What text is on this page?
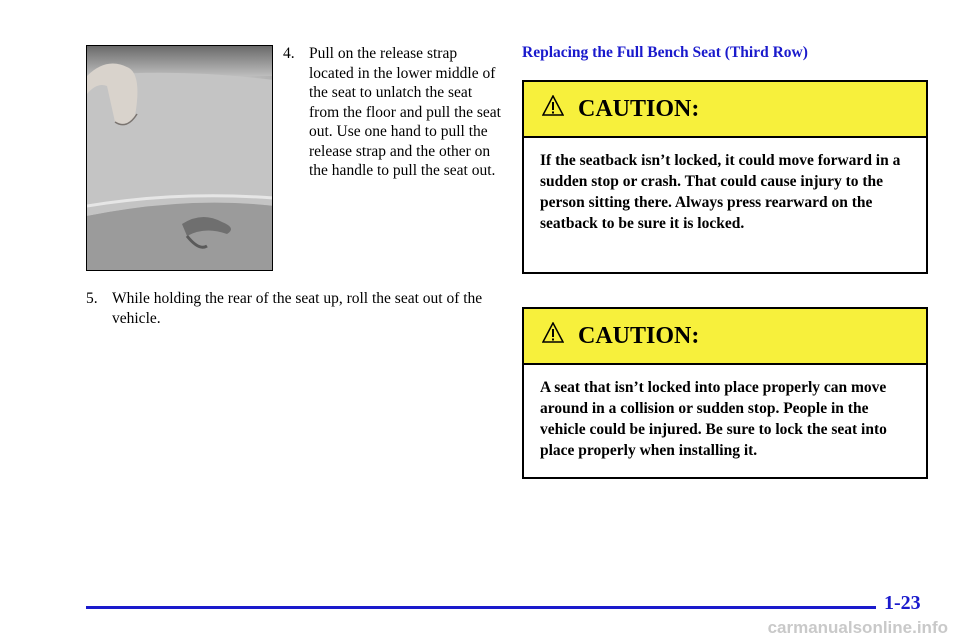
4. Pull on the release strap located in the lower middle of the seat to unlatch the seat from the floor and pull the seat out. Use one hand to pull the release strap and the other on the handle to pull the seat out.
5. While holding the rear of the seat up, roll the seat out of the vehicle.
Replacing the Full Bench Seat (Third Row)
CAUTION:
If the seatback isn’t locked, it could move forward in a sudden stop or crash. That could cause injury to the person sitting there. Always press rearward on the seatback to be sure it is locked.
CAUTION:
A seat that isn’t locked into place properly can move around in a collision or sudden stop. People in the vehicle could be injured. Be sure to lock the seat into place properly when installing it.
1-23
carmanualsonline.info
